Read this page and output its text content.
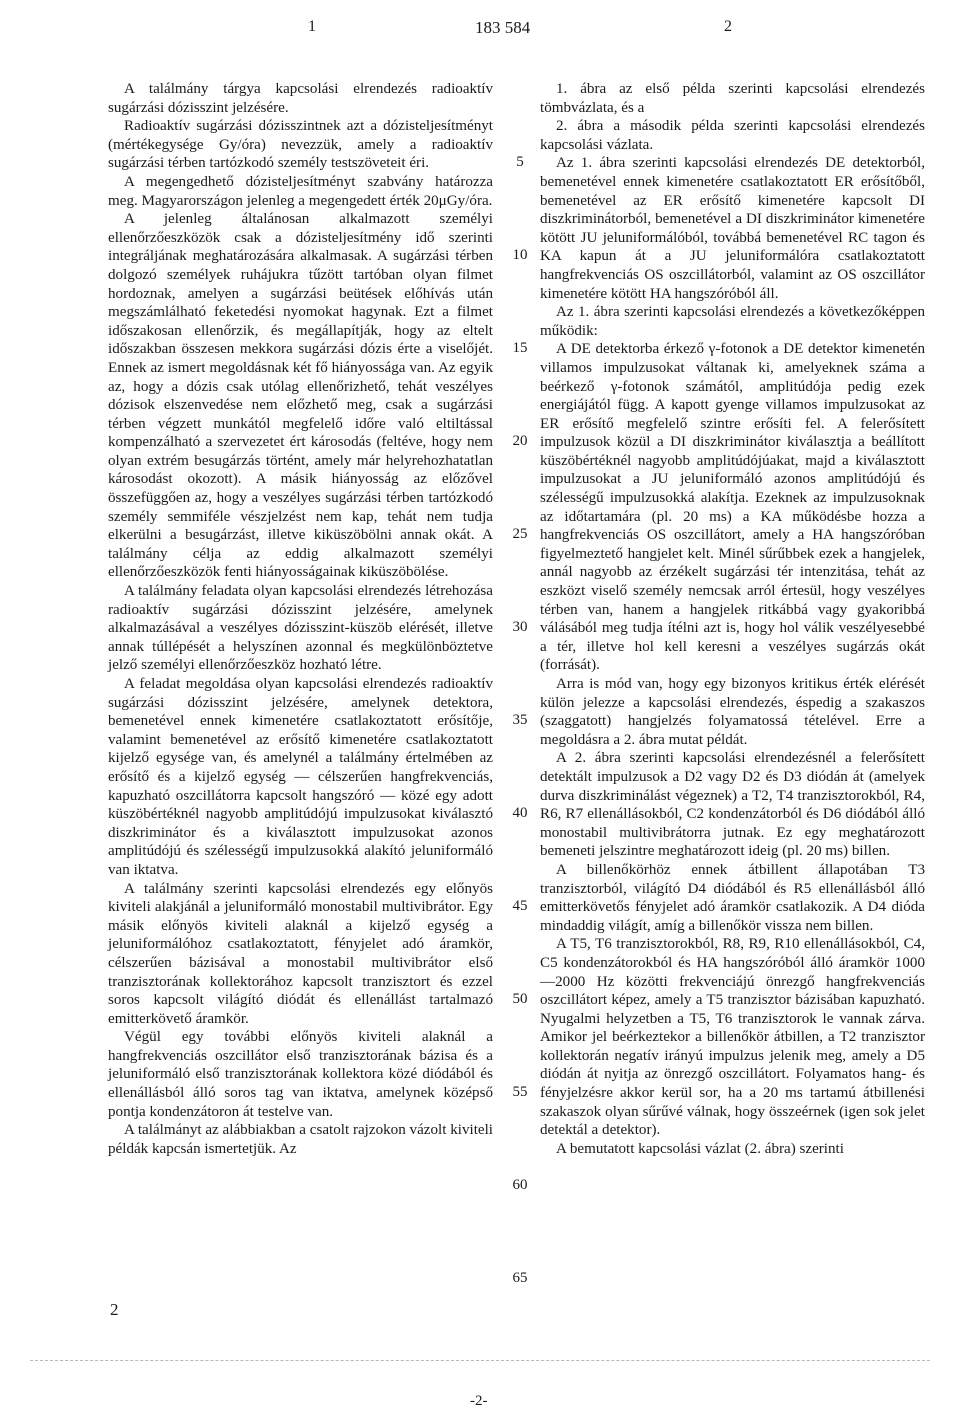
1	183 584	2

A találmány tárgya kapcsolási elrendezés radioaktív sugárzási dózisszint jelzésére.

Radioaktív sugárzási dózisszintnek azt a dózisteljesítményt (mértékegysége Gy/óra) nevezzük, amely a radioaktív sugárzási térben tartózkodó személy testszöveteit éri.

A megengedhető dózisteljesítményt szabvány határozza meg. Magyarországon jelenleg a megengedett érték 20μGy/óra.

A jelenleg általánosan alkalmazott személyi ellenőrzőeszközök csak a dózisteljesítmény idő szerinti integráljának meghatározására alkalmasak. A sugárzási térben dolgozó személyek ruhájukra tűzött tartóban olyan filmet hordoznak, amelyen a sugárzási beütések előhívás után megszámlálható feketedési nyomokat hagynak. Ezt a filmet időszakosan ellenőrzik, és megállapítják, hogy az eltelt időszakban összesen mekkora sugárzási dózis érte a viselőjét. Ennek az ismert megoldásnak két fő hiányossága van. Az egyik az, hogy a dózis csak utólag ellenőrizhető, tehát veszélyes dózisok elszenvedése nem előzhető meg, csak a sugárzási térben végzett munkától megfelelő időre való eltiltással kompenzálható a szervezetet ért károsodás (feltéve, hogy nem olyan extrém besugárzás történt, amely már helyrehozhatatlan károsodást okozott). A másik hiányosság az előzővel összefüggően az, hogy a veszélyes sugárzási térben tartózkodó személy semmiféle vészjelzést nem kap, tehát nem tudja elkerülni a besugárzást, illetve kiküszöbölni annak okát. A találmány célja az eddig alkalmazott személyi ellenőrzőeszközök fenti hiányosságainak kiküszöbölése.

A találmány feladata olyan kapcsolási elrendezés létrehozása radioaktív sugárzási dózisszint jelzésére, amelynek alkalmazásával a veszélyes dózisszint-küszöb elérését, illetve annak túllépését a helyszínen azonnal és megkülönböztetve jelző személyi ellenőrzőeszköz hozható létre.

A feladat megoldása olyan kapcsolási elrendezés radioaktív sugárzási dózisszint jelzésére, amelynek detektora, bemenetével ennek kimenetére csatlakoztatott erősítője, valamint bemenetével az erősítő kimenetére csatlakoztatott kijelző egysége van, és amelynél a találmány értelmében az erősítő és a kijelző egység — célszerűen hangfrekvenciás, kapuzható oszcillátorra kapcsolt hangszóró — közé egy adott küszöbértéknél nagyobb amplitúdójú impulzusokat kiválasztó diszkriminátor és a kiválasztott impulzusokat azonos amplitúdójú és szélességű impulzusokká alakító jeluniformáló van iktatva.

A találmány szerinti kapcsolási elrendezés egy előnyös kiviteli alakjánál a jeluniformáló monostabil multivibrátor. Egy másik előnyös kiviteli alaknál a kijelző egység a jeluniformálóhoz csatlakoztatott, fényjelet adó áramkör, célszerűen bázisával a monostabil multivibrátor első tranzisztorának kollektorához kapcsolt tranzisztort és ezzel soros kapcsolt világító diódát és ellenállást tartalmazó emitterkövető áramkör.

Végül egy további előnyös kiviteli alaknál a hangfrekvenciás oszcillátor első tranzisztorának bázisa és a jeluniformáló első tranzisztorának kollektora közé diódából és ellenállásból álló soros tag van iktatva, amelynek középső pontja kondenzátoron át testelve van.

A találmányt az alábbiakban a csatolt rajzokon vázolt kiviteli példák kapcsán ismertetjük. Az

5
10
15
20
25
30
35
40
45
50
55
60
65

1. ábra az első példa szerinti kapcsolási elrendezés tömbvázlata, és a

2. ábra a második példa szerinti kapcsolási elrendezés kapcsolási vázlata.

Az 1. ábra szerinti kapcsolási elrendezés DE detektorból, bemenetével ennek kimenetére csatlakoztatott ER erősítőből, bemenetével az ER erősítő kimenetére kapcsolt DI diszkriminátorból, bemenetével a DI diszkriminátor kimenetére kötött JU jeluniformálóból, továbbá bemenetével RC tagon és KA kapun át a JU jeluniformálóra csatlakoztatott hangfrekvenciás OS oszcillátorból, valamint az OS oszcillátor kimenetére kötött HA hangszóróból áll.

Az 1. ábra szerinti kapcsolási elrendezés a következőképpen működik:

A DE detektorba érkező γ-fotonok a DE detektor kimenetén villamos impulzusokat váltanak ki, amelyeknek száma a beérkező γ-fotonok számától, amplitúdója pedig ezek energiájától függ. A kapott gyenge villamos impulzusokat az ER erősítő megfelelő szintre erősíti fel. A felerősített impulzusok közül a DI diszkriminátor kiválasztja a beállított küszöbértéknél nagyobb amplitúdójúakat, majd a kiválasztott impulzusokat a JU jeluniformáló azonos amplitúdójú és szélességű impulzusokká alakítja. Ezeknek az impulzusoknak az időtartamára (pl. 20 ms) a KA működésbe hozza a hangfrekvenciás OS oszcillátort, amely a HA hangszóróban figyelmeztető hangjelet kelt. Minél sűrűbbek ezek a hangjelek, annál nagyobb az érzékelt sugárzási tér intenzitása, tehát az eszközt viselő személy nemcsak arról értesül, hogy veszélyes térben van, hanem a hangjelek ritkábbá vagy gyakoribbá válásából meg tudja ítélni azt is, hogy hol válik veszélyesebbé a tér, illetve hol kell keresni a veszélyes sugárzás okát (forrását).

Arra is mód van, hogy egy bizonyos kritikus érték elérését külön jelezze a kapcsolási elrendezés, éspedig a szakaszos (szaggatott) hangjelzés folyamatossá tételével. Erre a megoldásra a 2. ábra mutat példát.

A 2. ábra szerinti kapcsolási elrendezésnél a felerősített detektált impulzusok a D2 vagy D2 és D3 diódán át (amelyek durva diszkriminálást végeznek) a T2, T4 tranzisztorokból, R4, R6, R7 ellenállásokból, C2 kondenzátorból és D6 diódából álló monostabil multivibrátorra jutnak. Ez egy meghatározott bemeneti jelszintre meghatározott ideig (pl. 20 ms) billen.

A billenőkörhöz ennek átbillent állapotában T3 tranzisztorból, világító D4 diódából és R5 ellenállásból álló emitterkövetős fényjelet adó áramkör csatlakozik. A D4 dióda mindaddig világít, amíg a billenőkör vissza nem billen.

A T5, T6 tranzisztorokból, R8, R9, R10 ellenállásokból, C4, C5 kondenzátorokból és HA hangszóróból álló áramkör 1000—2000 Hz közötti frekvenciájú önrezgő hangfrekvenciás oszcillátort képez, amely a T5 tranzisztor bázisában kapuzható. Nyugalmi helyzetben a T5, T6 tranzisztorok le vannak zárva. Amikor jel beérkeztekor a billenőkör átbillen, a T2 tranzisztor kollektorán negatív irányú impulzus jelenik meg, amely a D5 diódán át nyitja az önrezgő oszcillátort. Folyamatos hang- és fényjelzésre akkor kerül sor, ha a 20 ms tartamú átbillenési szakaszok olyan sűrűvé válnak, hogy összeérnek (igen sok jelet detektál a detektor).

A bemutatott kapcsolási vázlat (2. ábra) szerinti

2
-2-
